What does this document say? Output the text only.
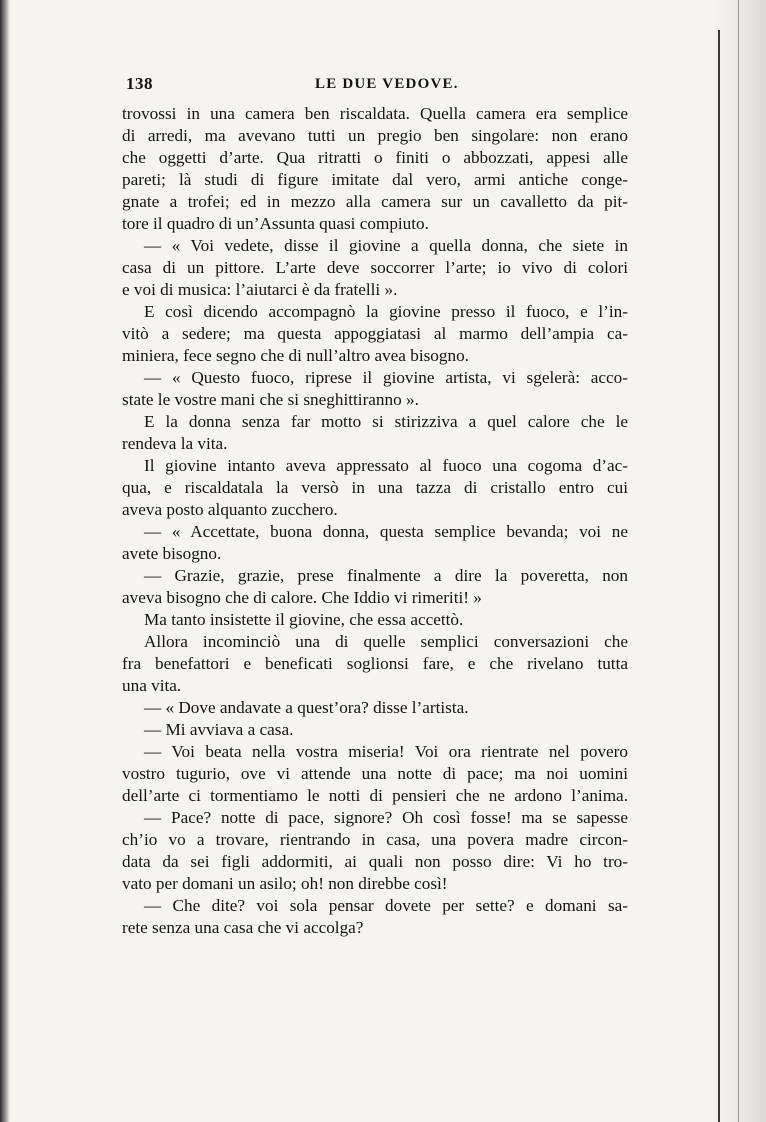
138	LE DUE VEDOVE.
trovossi in una camera ben riscaldata. Quella camera era semplice
di arredi, ma avevano tutti un pregio ben singolare: non erano
che oggetti d’arte. Qua ritratti o finiti o abbozzati, appesi alle
pareti; là studi di figure imitate dal vero, armi antiche conge-
gnate a trofei; ed in mezzo alla camera sur un cavalletto da pit-
tore il quadro di un’Assunta quasi compiuto.
— « Voi vedete, disse il giovine a quella donna, che siete in
casa di un pittore. L’arte deve soccorrer l’arte; io vivo di colori
e voi di musica: l’aiutarci è da fratelli ».
E così dicendo accompagnò la giovine presso il fuoco, e l’in-
vitò a sedere; ma questa appoggiatasi al marmo dell’ampia ca-
miniera, fece segno che di null’altro avea bisogno.
— « Questo fuoco, riprese il giovine artista, vi sgelerà: acco-
state le vostre mani che si sneghittiranno ».
E la donna senza far motto si stirizziva a quel calore che le
rendeva la vita.
Il giovine intanto aveva appressato al fuoco una cogoma d’ac-
qua, e riscaldatala la versò in una tazza di cristallo entro cui
aveva posto alquanto zucchero.
— « Accettate, buona donna, questa semplice bevanda; voi ne
avete bisogno.
— Grazie, grazie, prese finalmente a dire la poveretta, non
aveva bisogno che di calore. Che Iddio vi rimeriti! »
Ma tanto insistette il giovine, che essa accettò.
Allora incominciò una di quelle semplici conversazioni che
fra benefattori e beneficati soglionsi fare, e che rivelano tutta
una vita.
— « Dove andavate a quest’ora? disse l’artista.
— Mi avviava a casa.
— Voi beata nella vostra miseria! Voi ora rientrate nel povero
vostro tugurio, ove vi attende una notte di pace; ma noi uomini
dell’arte ci tormentiamo le notti di pensieri che ne ardono l’anima.
— Pace? notte di pace, signore? Oh così fosse! ma se sapesse
ch’io vo a trovare, rientrando in casa, una povera madre circon-
data da sei figli addormiti, ai quali non posso dire: Vi ho tro-
vato per domani un asilo; oh! non direbbe così!
— Che dite? voi sola pensar dovete per sette? e domani sa-
rete senza una casa che vi accolga?
